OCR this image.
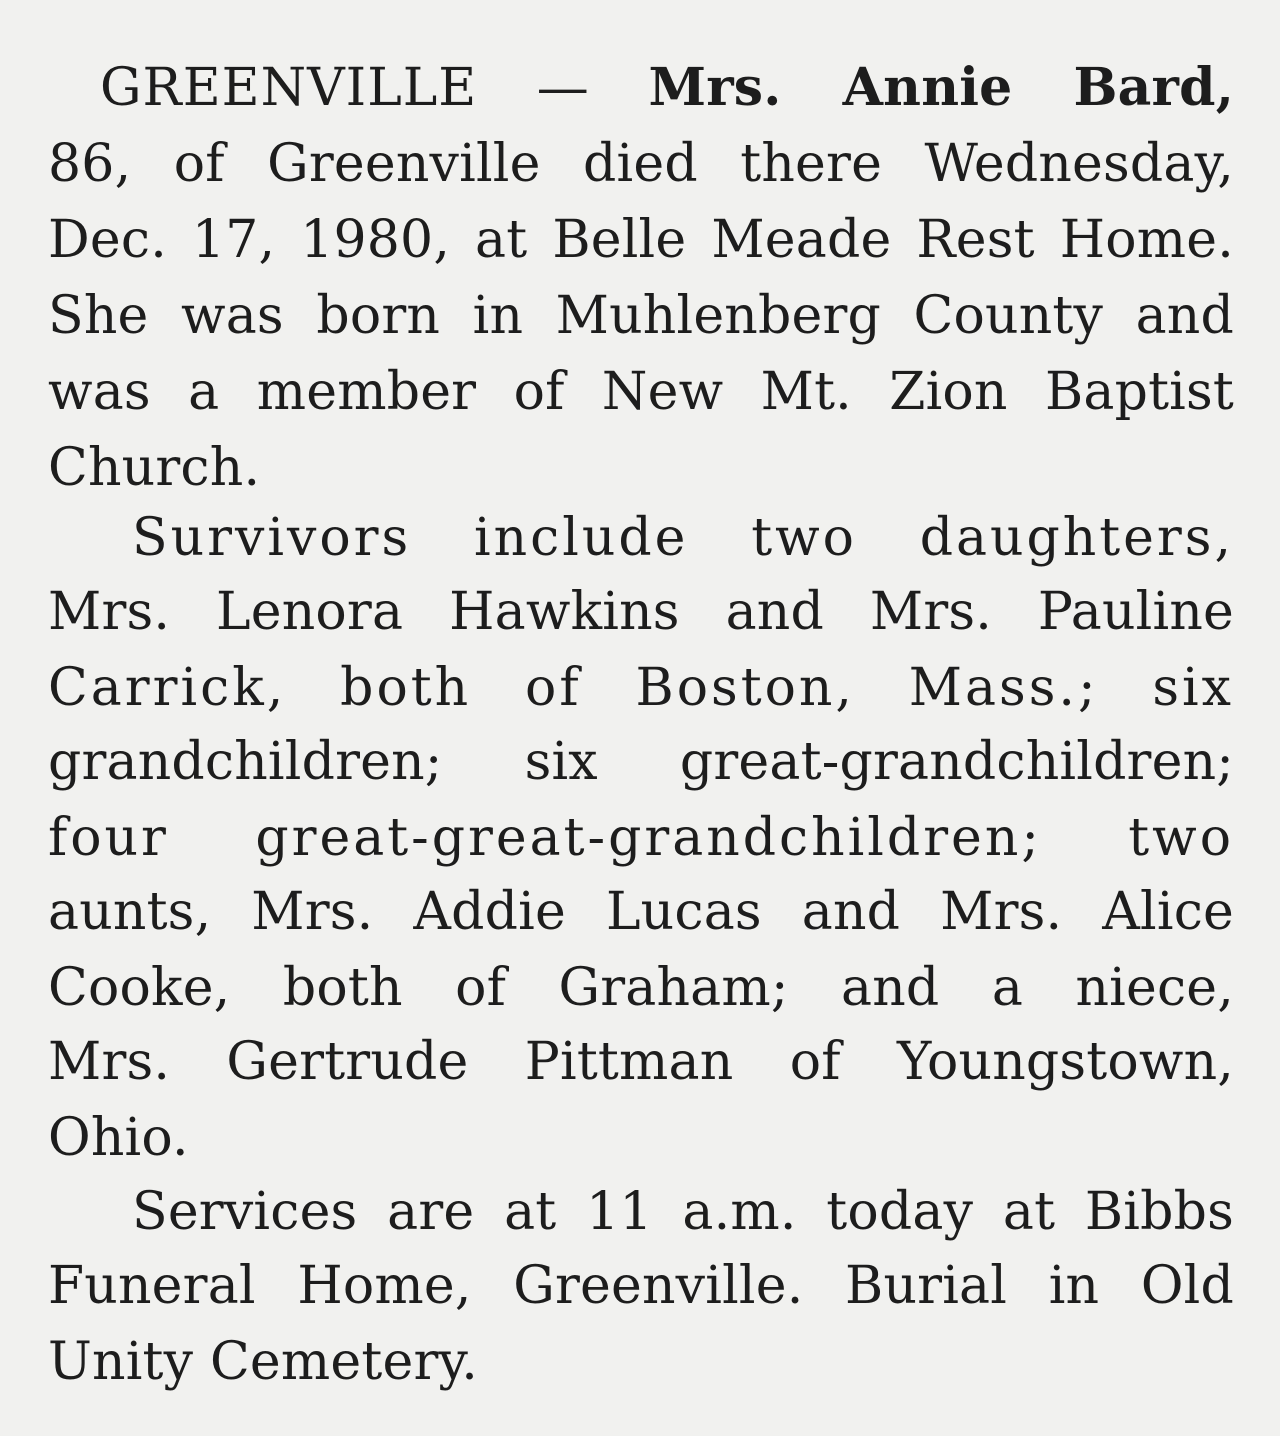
GREENVILLE — Mrs. Annie Bard,

86, of Greenville died there Wednesday,

Dec. 17, 1980, at Belle Meade Rest Home.

She was born in Muhlenberg County and

was a member of New Mt. Zion Baptist

Church.

Survivors include two daughters,

Mrs. Lenora Hawkins and Mrs. Pauline

Carrick, both of Boston, Mass.; six

grandchildren; six great-grandchildren;

four great-great-grandchildren; two

aunts, Mrs. Addie Lucas and Mrs. Alice

Cooke, both of Graham; and a niece,

Mrs. Gertrude Pittman of Youngstown,

Ohio.

Services are at 11 a.m. today at Bibbs

Funeral Home, Greenville. Burial in Old

Unity Cemetery.
